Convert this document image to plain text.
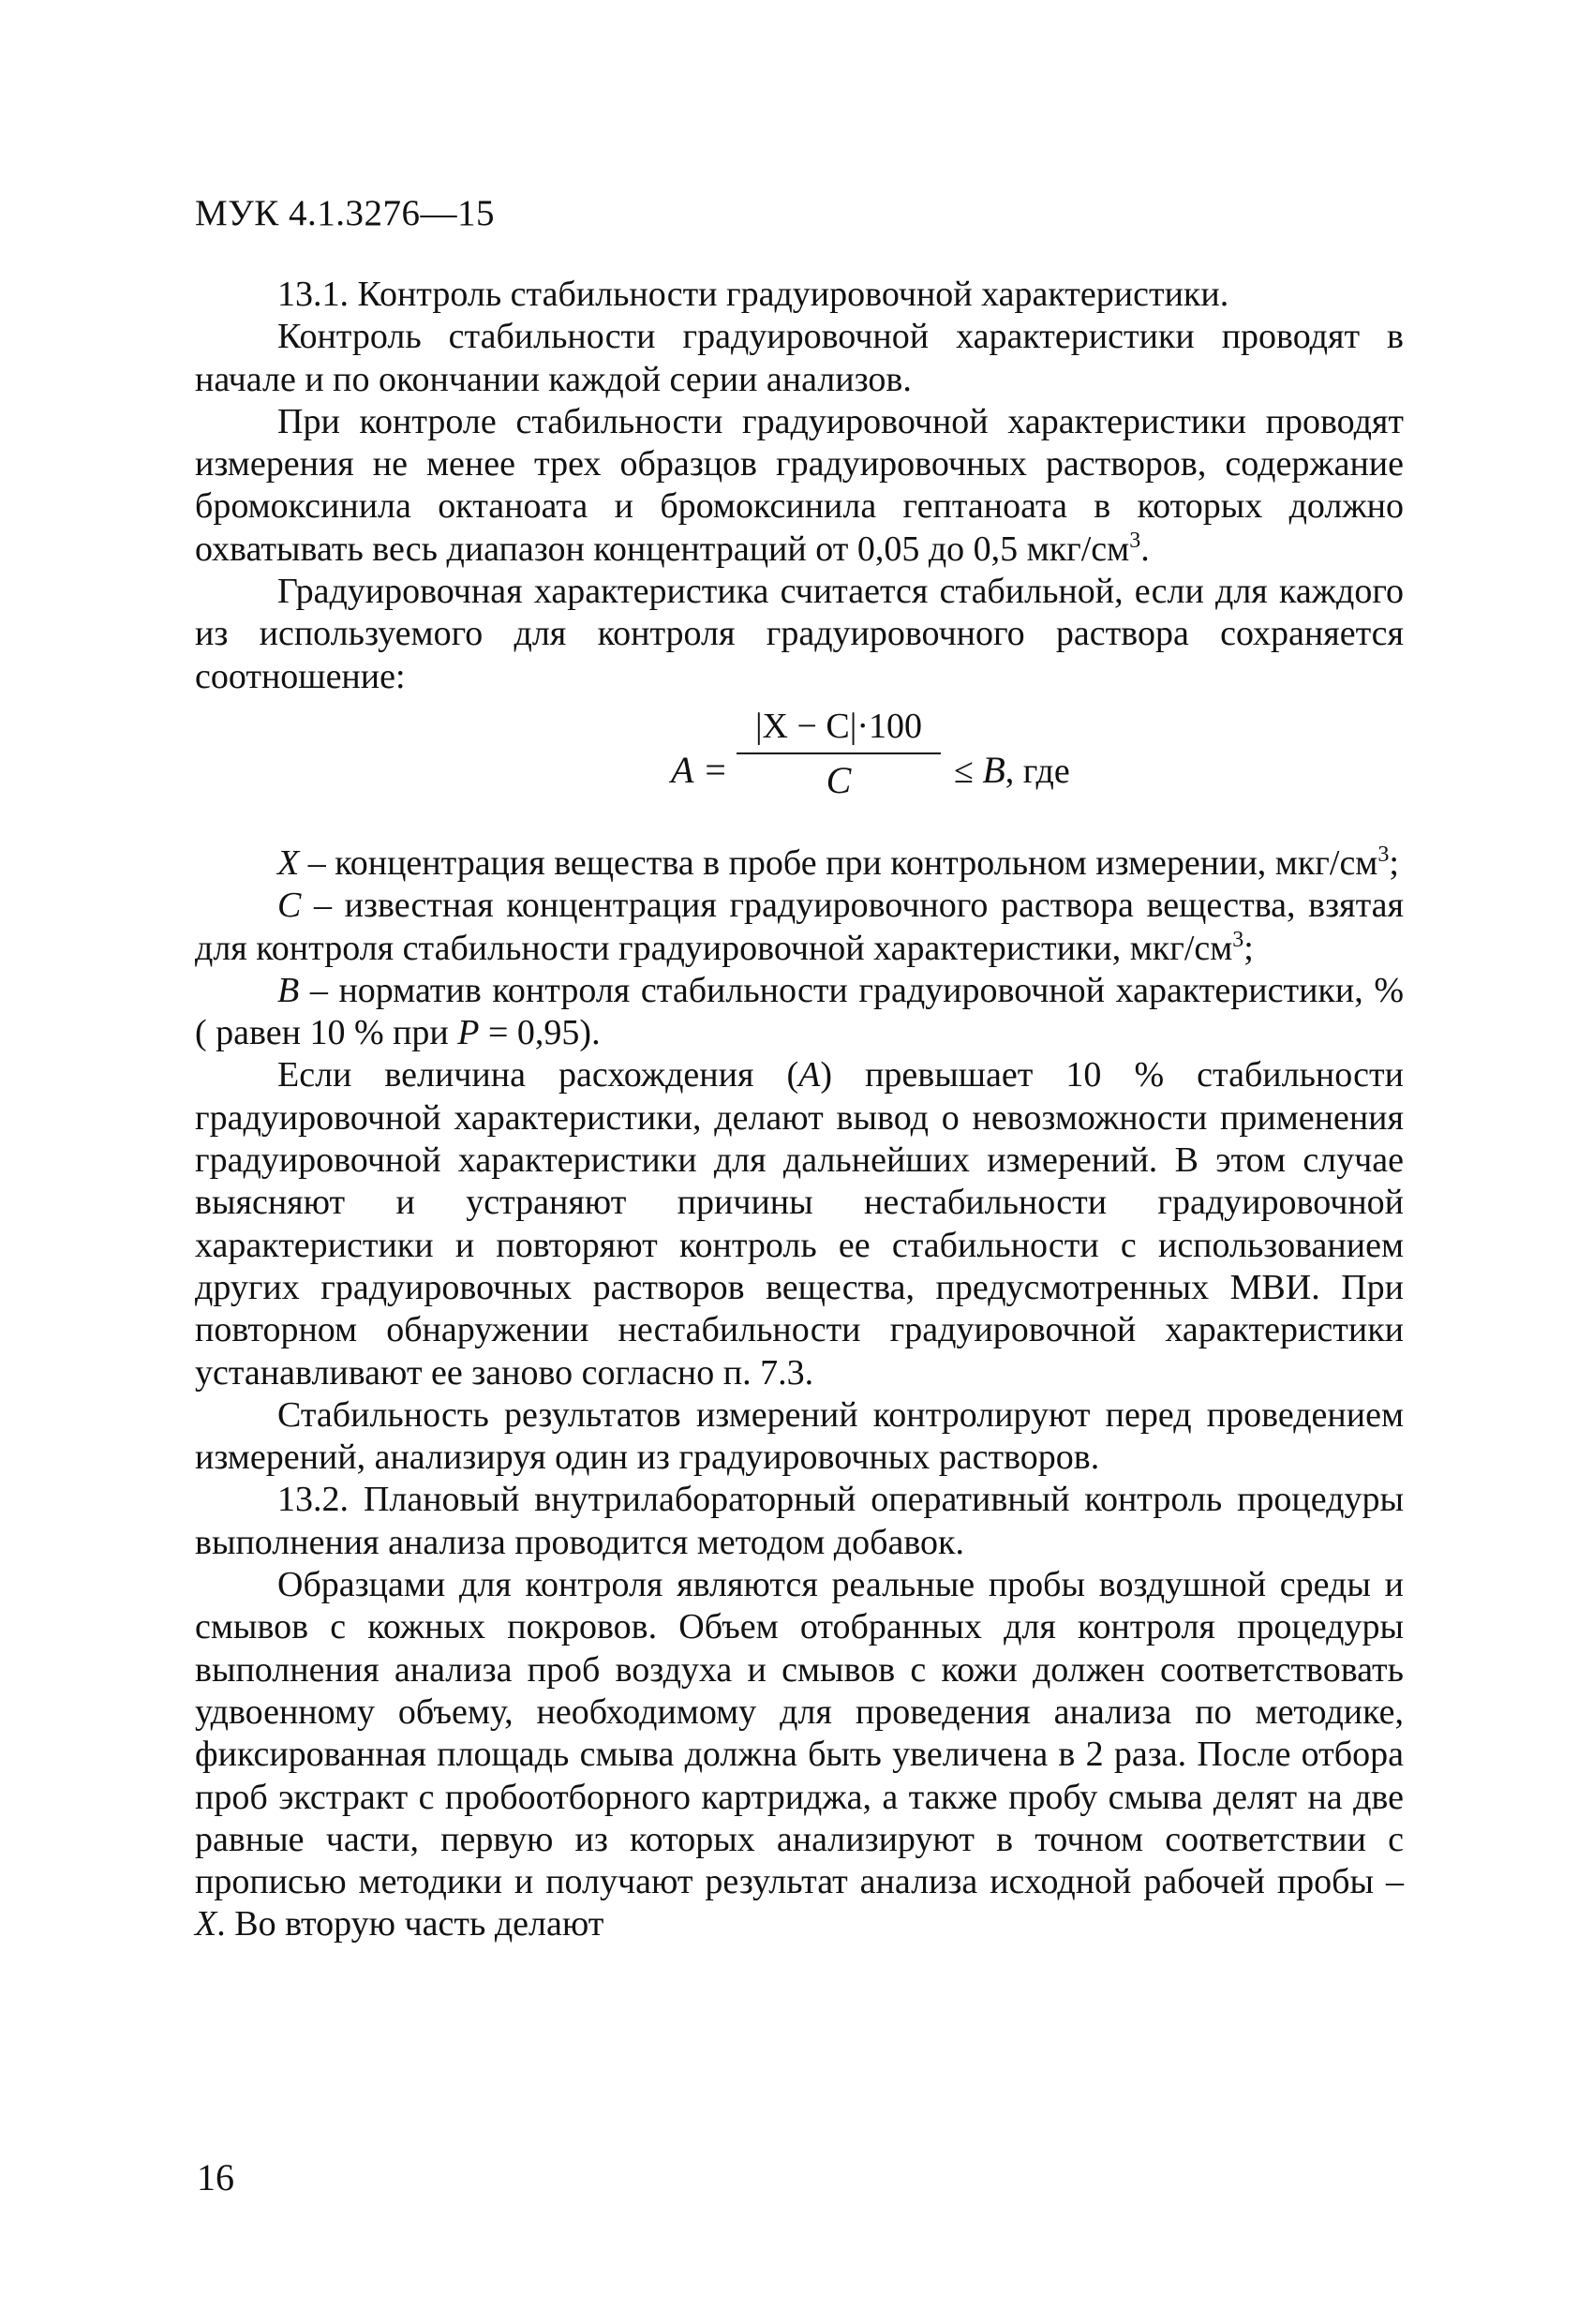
МУК 4.1.3276—15

13.1. Контроль стабильности градуировочной характеристики.

Контроль стабильности градуировочной характеристики проводят в начале и по окончании каждой серии анализов.

При контроле стабильности градуировочной характеристики проводят измерения не менее трех образцов градуировочных растворов, содержание бромоксинила октаноата и бромоксинила гептаноата в которых должно охватывать весь диапазон концентраций от 0,05 до 0,5 мкг/$см^3$.

Градуировочная характеристика считается стабильной, если для каждого из используемого для контроля градуировочного раствора сохраняется соотношение:

A =
|X − C|·100
C	≤ B, где

X – концентрация вещества в пробе при контрольном измерении, мкг/$см^3$;

C – известная концентрация градуировочного раствора вещества, взятая для контроля стабильности градуировочной характеристики, мкг/$см^3$;

B – норматив контроля стабильности градуировочной характеристики, % ( равен 10 % при P = 0,95).

Если величина расхождения (A) превышает 10 % стабильности градуировочной характеристики, делают вывод о невозможности применения градуировочной характеристики для дальнейших измерений. В этом случае выясняют и устраняют причины нестабильности градуировочной характеристики и повторяют контроль ее стабильности с использованием других градуировочных растворов вещества, предусмотренных МВИ. При повторном обнаружении нестабильности градуировочной характеристики устанавливают ее заново согласно п. 7.3.

Стабильность результатов измерений контролируют перед проведением измерений, анализируя один из градуировочных растворов.

13.2. Плановый внутрилабораторный оперативный контроль процедуры выполнения анализа проводится методом добавок.

Образцами для контроля являются реальные пробы воздушной среды и смывов с кожных покровов. Объем отобранных для контроля процедуры выполнения анализа проб воздуха и смывов с кожи должен соответствовать удвоенному объему, необходимому для проведения анализа по методике, фиксированная площадь смыва должна быть увеличена в 2 раза. После отбора проб экстракт с пробоотборного картриджа, а также пробу смыва делят на две равные части, первую из которых анализируют в точном соответствии с прописью методики и получают результат анализа исходной рабочей пробы – X. Во вторую часть делают

16
